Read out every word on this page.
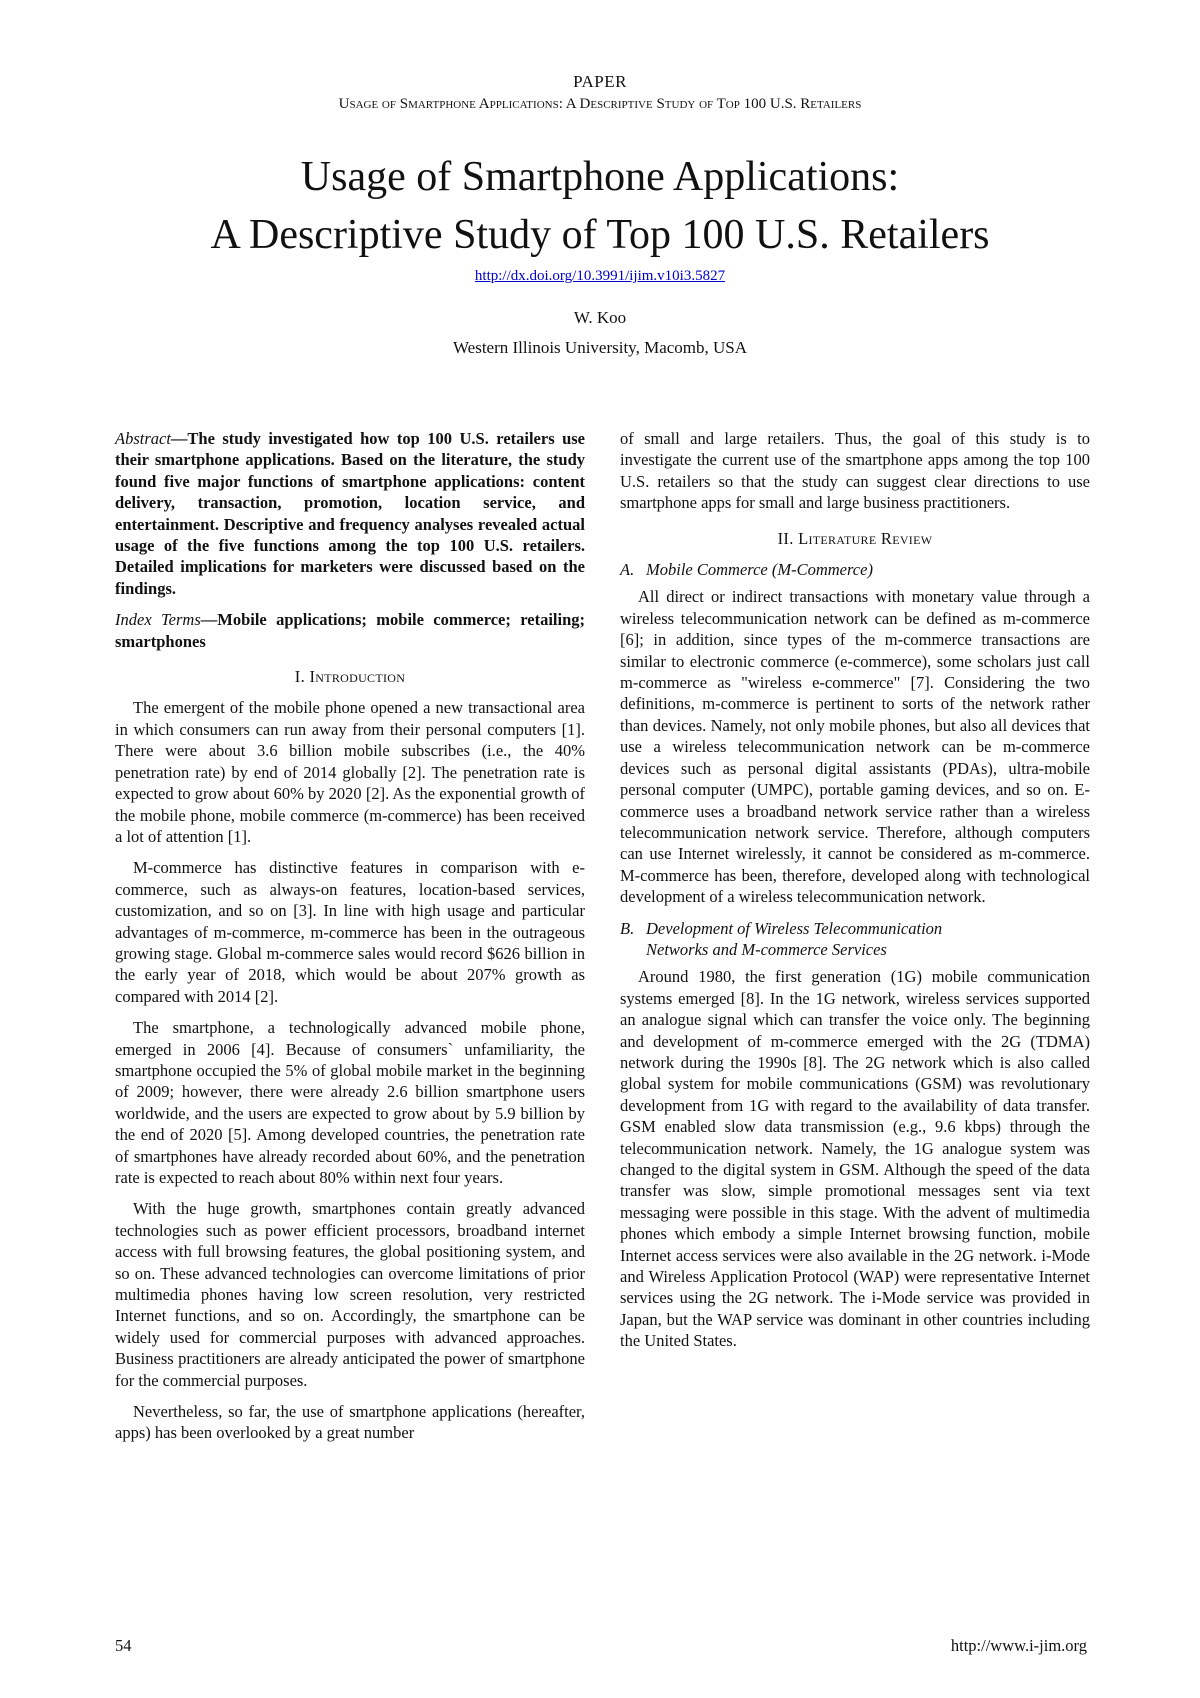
PAPER
Usage of Smartphone Applications: A Descriptive Study of Top 100 U.S. Retailers
Usage of Smartphone Applications:
A Descriptive Study of Top 100 U.S. Retailers
http://dx.doi.org/10.3991/ijim.v10i3.5827
W. Koo
Western Illinois University, Macomb, USA

Abstract—The study investigated how top 100 U.S. retailers use their smartphone applications. Based on the literature, the study found five major functions of smartphone applications: content delivery, transaction, promotion, location service, and entertainment. Descriptive and frequency analyses revealed actual usage of the five functions among the top 100 U.S. retailers. Detailed implications for marketers were discussed based on the findings.

Index Terms—Mobile applications; mobile commerce; retailing; smartphones

I. Introduction

The emergent of the mobile phone opened a new transactional area in which consumers can run away from their personal computers [1]. There were about 3.6 billion mobile subscribes (i.e., the 40% penetration rate) by end of 2014 globally [2]. The penetration rate is expected to grow about 60% by 2020 [2]. As the exponential growth of the mobile phone, mobile commerce (m-commerce) has been received a lot of attention [1].

M-commerce has distinctive features in comparison with e-commerce, such as always-on features, location-based services, customization, and so on [3]. In line with high usage and particular advantages of m-commerce, m-commerce has been in the outrageous growing stage. Global m-commerce sales would record $626 billion in the early year of 2018, which would be about 207% growth as compared with 2014 [2].

The smartphone, a technologically advanced mobile phone, emerged in 2006 [4]. Because of consumers` unfamiliarity, the smartphone occupied the 5% of global mobile market in the beginning of 2009; however, there were already 2.6 billion smartphone users worldwide, and the users are expected to grow about by 5.9 billion by the end of 2020 [5]. Among developed countries, the penetration rate of smartphones have already recorded about 60%, and the penetration rate is expected to reach about 80% within next four years.

With the huge growth, smartphones contain greatly advanced technologies such as power efficient processors, broadband internet access with full browsing features, the global positioning system, and so on. These advanced technologies can overcome limitations of prior multimedia phones having low screen resolution, very restricted Internet functions, and so on. Accordingly, the smartphone can be widely used for commercial purposes with advanced approaches. Business practitioners are already anticipated the power of smartphone for the commercial purposes.

Nevertheless, so far, the use of smartphone applications (hereafter, apps) has been overlooked by a great number

of small and large retailers. Thus, the goal of this study is to investigate the current use of the smartphone apps among the top 100 U.S. retailers so that the study can suggest clear directions to use smartphone apps for small and large business practitioners.

II. Literature Review
A. Mobile Commerce (M-Commerce)

All direct or indirect transactions with monetary value through a wireless telecommunication network can be defined as m-commerce [6]; in addition, since types of the m-commerce transactions are similar to electronic commerce (e-commerce), some scholars just call m-commerce as "wireless e-commerce" [7]. Considering the two definitions, m-commerce is pertinent to sorts of the network rather than devices. Namely, not only mobile phones, but also all devices that use a wireless telecommunication network can be m-commerce devices such as personal digital assistants (PDAs), ultra-mobile personal computer (UMPC), portable gaming devices, and so on. E-commerce uses a broadband network service rather than a wireless telecommunication network service. Therefore, although computers can use Internet wirelessly, it cannot be considered as m-commerce. M-commerce has been, therefore, developed along with technological development of a wireless telecommunication network.

B. Development of Wireless Telecommunication
Networks and M-commerce Services

Around 1980, the first generation (1G) mobile communication systems emerged [8]. In the 1G network, wireless services supported an analogue signal which can transfer the voice only. The beginning and development of m-commerce emerged with the 2G (TDMA) network during the 1990s [8]. The 2G network which is also called global system for mobile communications (GSM) was revolutionary development from 1G with regard to the availability of data transfer. GSM enabled slow data transmission (e.g., 9.6 kbps) through the telecommunication network. Namely, the 1G analogue system was changed to the digital system in GSM. Although the speed of the data transfer was slow, simple promotional messages sent via text messaging were possible in this stage. With the advent of multimedia phones which embody a simple Internet browsing function, mobile Internet access services were also available in the 2G network. i-Mode and Wireless Application Protocol (WAP) were representative Internet services using the 2G network. The i-Mode service was provided in Japan, but the WAP service was dominant in other countries including the United States.

54	http://www.i-jim.org
